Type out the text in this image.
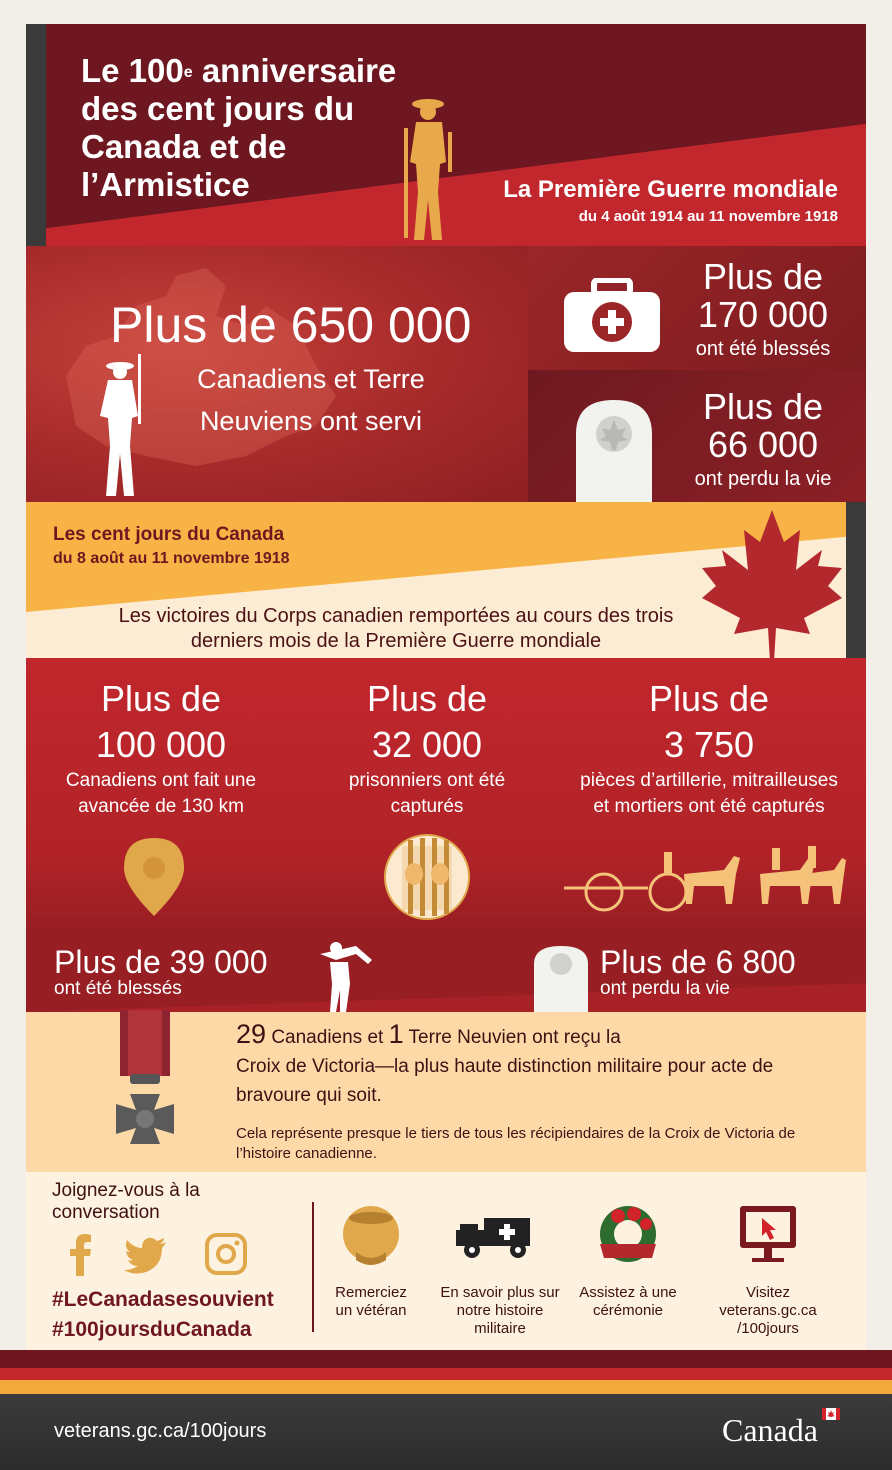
Le 100e anniversaire des cent jours du Canada et de l’Armistice	La Première Guerre mondiale
du 4 août 1914 au 11 novembre 1918
Plus de 650 000
Canadiens et Terre Neuviens ont servi
Plus de
170 000
ont été blessés
Plus de
66 000
ont perdu la vie
Les cent jours du Canada
du 8 août au 11 novembre 1918
Les victoires du Corps canadien remportées au cours des trois derniers mois de la Première Guerre mondiale
Plus de
100 000
Canadiens ont fait une avancée de 130 km
Plus de
32 000
prisonniers ont été capturés
Plus de
3 750
pièces d’artillerie, mitrailleuses et mortiers ont été capturés
Plus de 39 000
ont été blessés
Plus de 6 800
ont perdu la vie
29 Canadiens et 1 Terre Neuvien ont reçu la
Croix de Victoria—la plus haute distinction militaire pour acte de bravoure qui soit.
Cela représente presque le tiers de tous les récipiendaires de la Croix de Victoria de l’histoire canadienne.
Joignez-vous à la conversation
#LeCanadasesouvient
#100joursduCanada
Remerciez un vétéran
En savoir plus sur notre histoire militaire
Assistez à une cérémonie
Visitez veterans.gc.ca /100jours
veterans.gc.ca/100jours	Canada
